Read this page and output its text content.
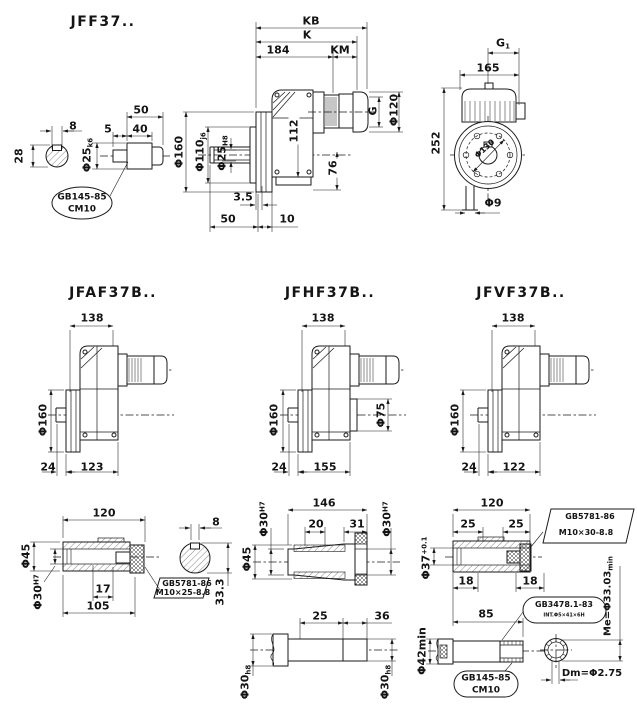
JFF37..
8
28
50
5 40
$\Phi 25_{k6}$
GB145-85
CM10
KB
K
184	KM
Φ160 $\Phi 110_{j6}$
$\Phi 25_{H8}$	112
76
G Φ120
3.5
50	10
$G_1$
165
252	Φ130
Φ9
JFAF37B..
138
Φ160
24 123
JFHF37B..
138
Φ160	Φ75
24 155
JFVF37B..
138
Φ160
24 122
120
Φ45
$\Phi 30^{H7}$
17
105
GB5781-86
M10×25-8.8
8
33.3
146
20 31
$\Phi 30^{H7}$
$\Phi 30^{H7}$
Φ45
25	36
$\Phi 30_{h8}$
$\Phi 30_{h8}$
120
25	25
GB5781-86
M10×30-8.8
$\Phi 37^{+0.1}$
18	18
85
GB3478.1-83
INT.Φ5×41×6H
Φ42min
GB145-85
CM10
$Me=\Phi 33.03_{min}$
Dm=Φ2.75
